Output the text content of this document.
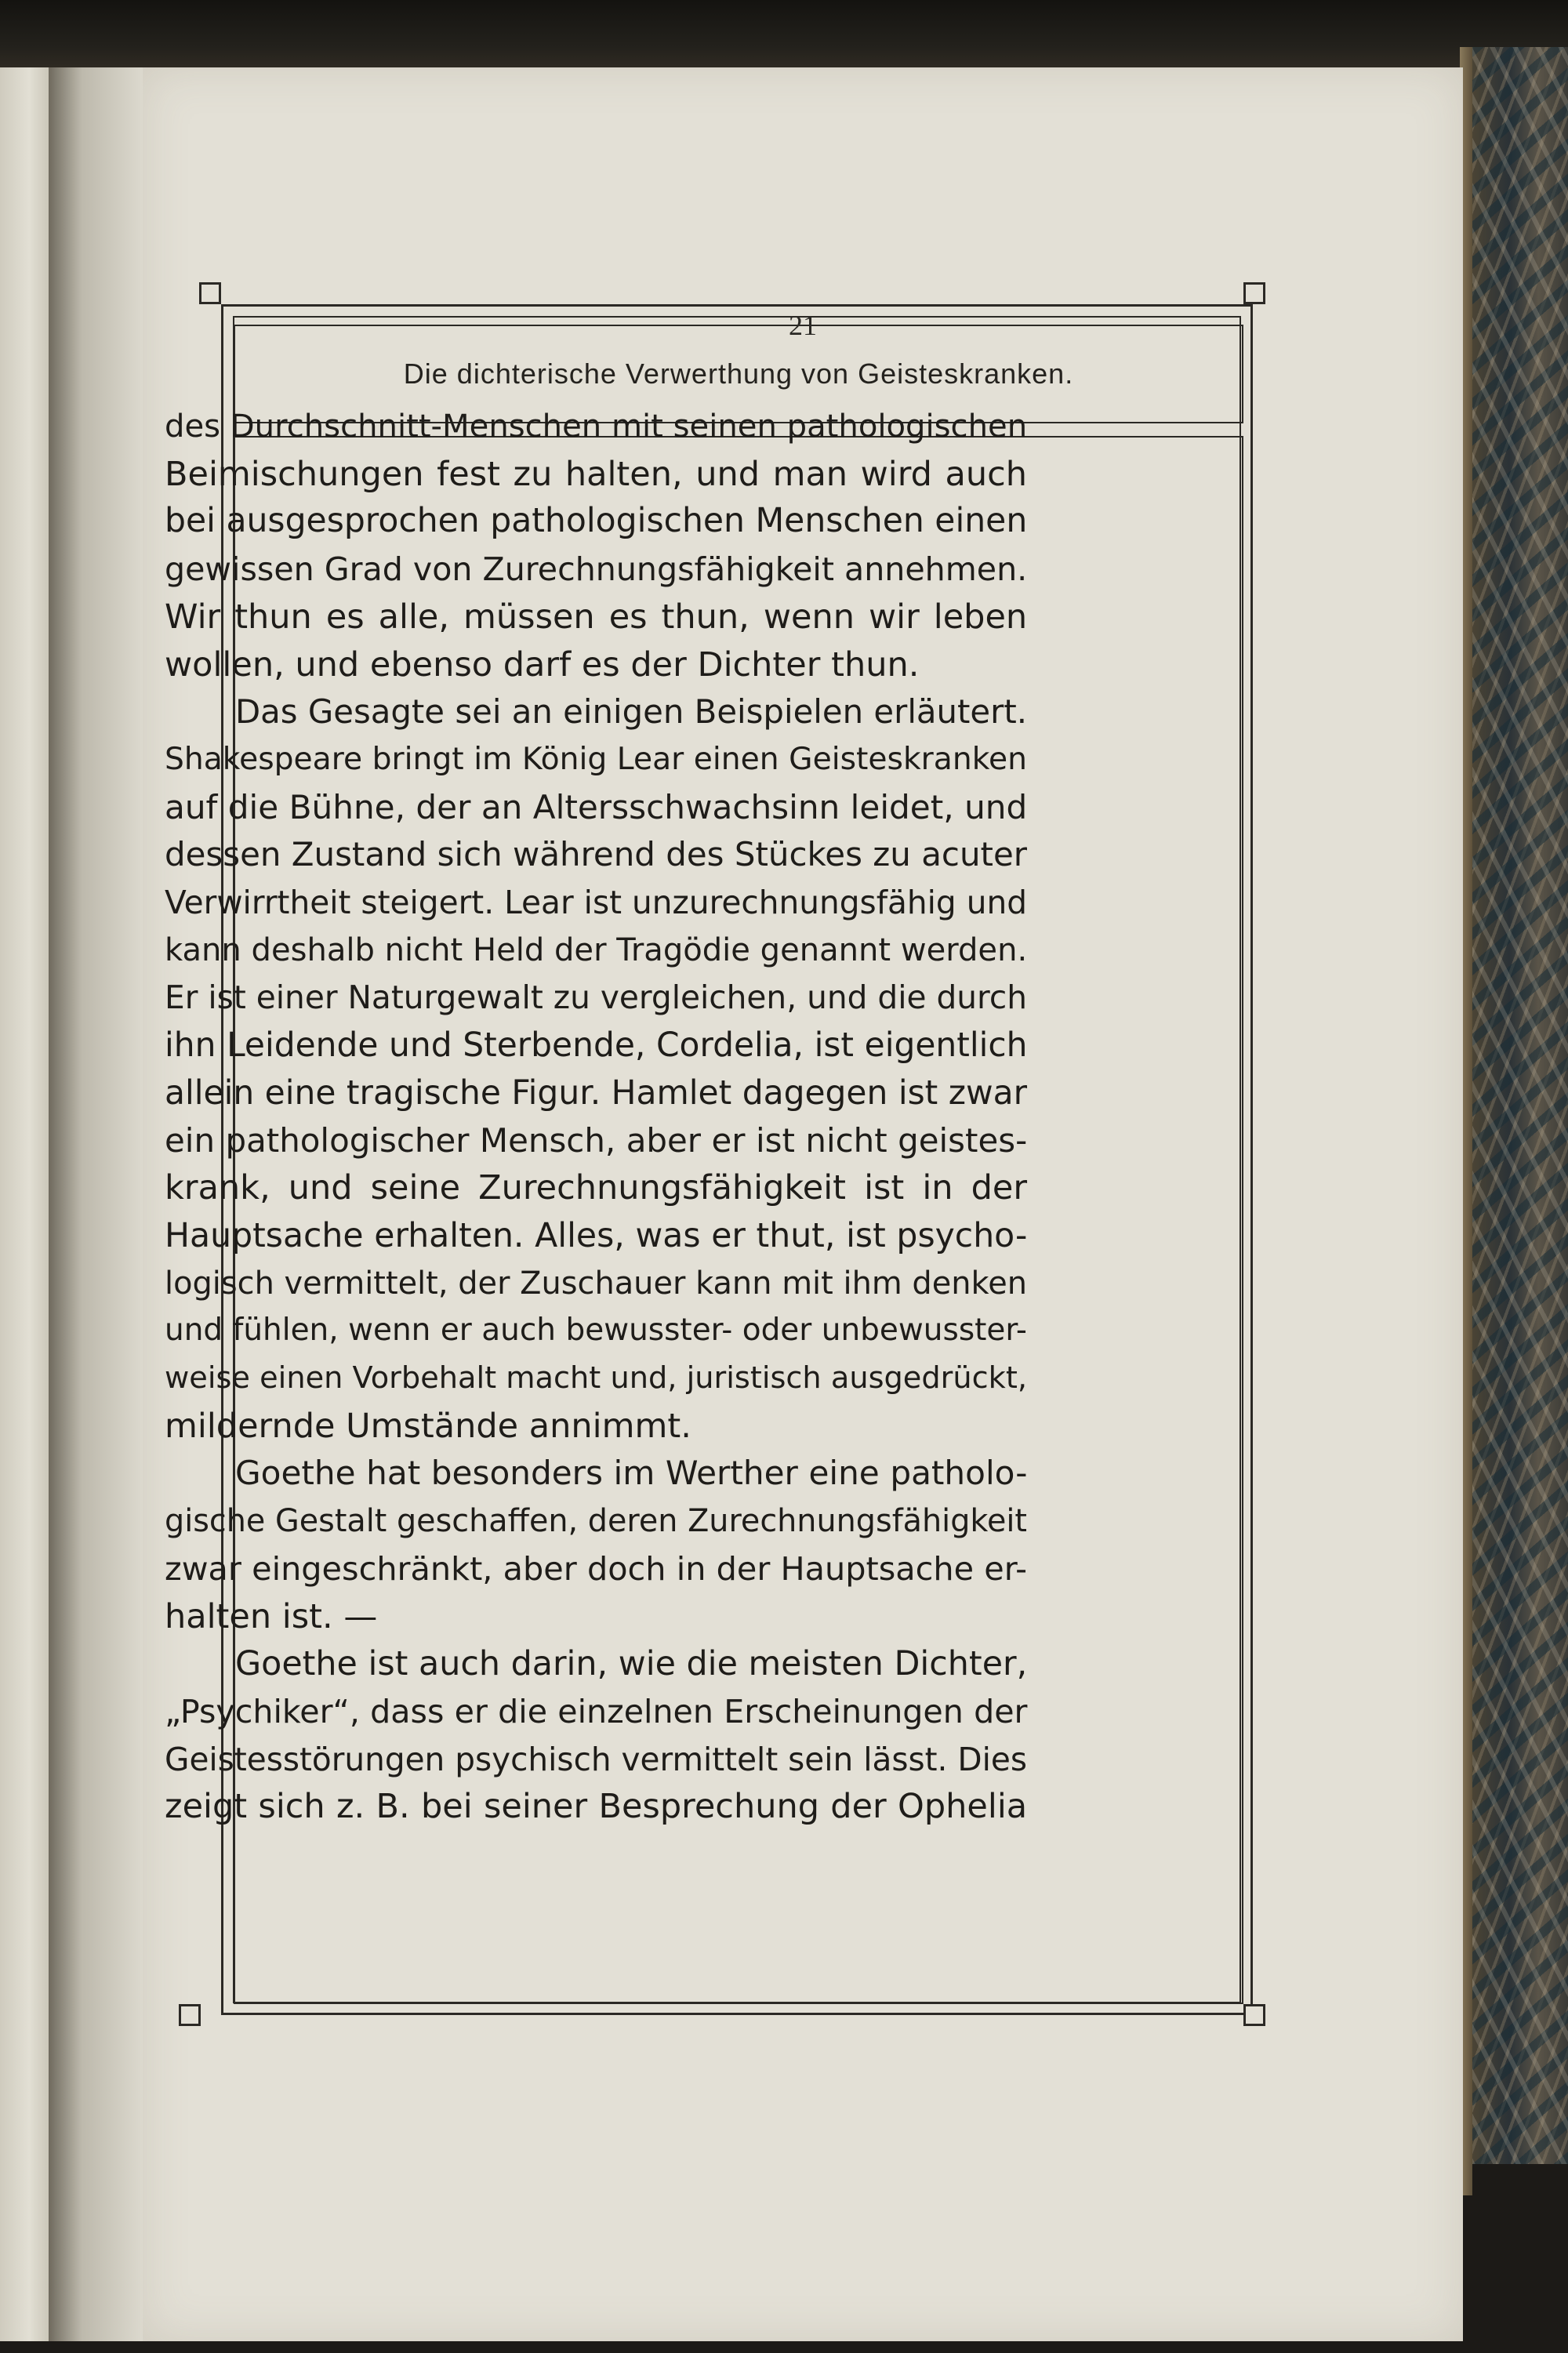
21
Die dichterische Verwerthung von Geisteskranken.

des Durchschnitt-Menschen mit seinen pathologischen
Beimischungen fest zu halten, und man wird auch
bei ausgesprochen pathologischen Menschen einen
gewissen Grad von Zurechnungsfähigkeit annehmen.
Wir thun es alle, müssen es thun, wenn wir leben
wollen, und ebenso darf es der Dichter thun.

Das Gesagte sei an einigen Beispielen erläutert.
Shakespeare bringt im König Lear einen Geisteskranken
auf die Bühne, der an Altersschwachsinn leidet, und
dessen Zustand sich während des Stückes zu acuter
Verwirrtheit steigert. Lear ist unzurechnungsfähig und
kann deshalb nicht Held der Tragödie genannt werden.
Er ist einer Naturgewalt zu vergleichen, und die durch
ihn Leidende und Sterbende, Cordelia, ist eigentlich
allein eine tragische Figur. Hamlet dagegen ist zwar
ein pathologischer Mensch, aber er ist nicht geistes-
krank, und seine Zurechnungsfähigkeit ist in der
Hauptsache erhalten. Alles, was er thut, ist psycho-
logisch vermittelt, der Zuschauer kann mit ihm denken
und fühlen, wenn er auch bewusster- oder unbewusster-
weise einen Vorbehalt macht und, juristisch ausgedrückt,
mildernde Umstände annimmt.

Goethe hat besonders im Werther eine patholo-
gische Gestalt geschaffen, deren Zurechnungsfähigkeit
zwar eingeschränkt, aber doch in der Hauptsache er-
halten ist. —

Goethe ist auch darin, wie die meisten Dichter,
„Psychiker“, dass er die einzelnen Erscheinungen der
Geistesstörungen psychisch vermittelt sein lässt. Dies
zeigt sich z. B. bei seiner Besprechung der Ophelia
